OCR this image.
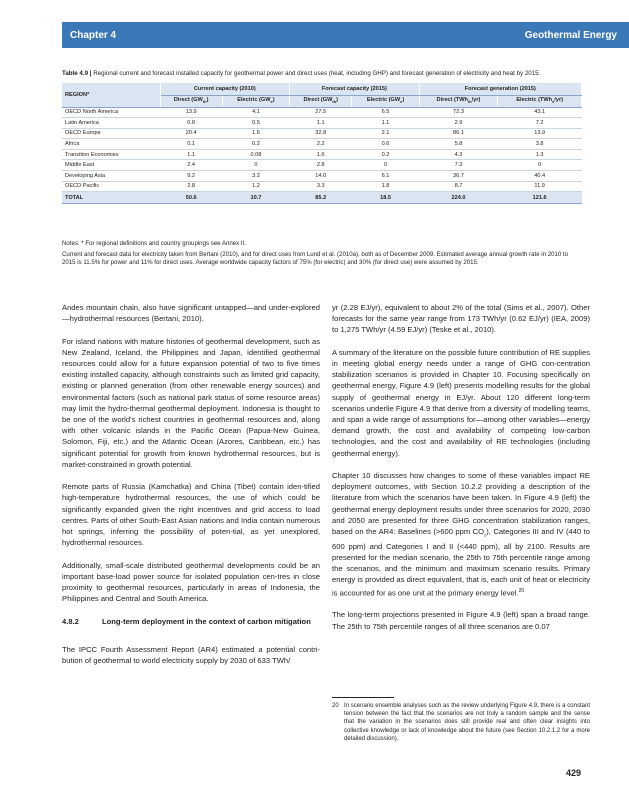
Chapter 4	Geothermal Energy
Table 4.9 | Regional current and forecast installed capacity for geothermal power and direct uses (heat, including GHP) and forecast generation of electricity and heat by 2015.
REGION*	Current capacity (2010)		Forecast capacity (2015)		Forecast generation (2015)	
	Direct $(GW_{th})$	Electric $(GW_e)$	Direct $(GW_{th})$	Electric $(GW_e)$	Direct (TWh$_{th}$/yr)	Electric (TWh$_e$/yr)
OECD North America	13.9	4.1	27.5	6.5	72.3	43.1
Latin America	0.8	0.5	1.1	1.1	2.9	7.2
OECD Europe	20.4	1.6	32.8	2.1	86.1	13.9
Africa	0.1	0.2	2.2	0.6	5.8	3.8
Transition Economies	1.1	0.08	1.6	0.2	4.3	1.3
Middle East	2.4	0	2.8	0	7.3	0
Developing Asia	9.2	3.2	14.0	6.1	36.7	40.4
OECD Pacific	2.8	1.2	3.3	1.8	8.7	11.9
TOTAL	50.6	10.7	85.2	18.5	224.0	121.6

Notes: * For regional definitions and country groupings see Annex II.

Current and forecast data for electricity taken from Bertani (2010), and for direct uses from Lund et al. (2010a), both as of December 2009. Estimated average annual growth rate in 2010 to 2015 is 11.5% for power and 11% for direct uses. Average worldwide capacity factors of 75% (for electric) and 30% (for direct use) were assumed by 2015.

Andes mountain chain, also have significant untapped—and under-explored—hydrothermal resources (Bertani, 2010).

For island nations with mature histories of geothermal development, such as New Zealand, Iceland, the Philippines and Japan, identified geothermal resources could allow for a future expansion potential of two to five times existing installed capacity, although constraints such as limited grid capacity, existing or planned generation (from other renewable energy sources) and environmental factors (such as national park status of some resource areas) may limit the hydro-thermal geothermal deployment. Indonesia is thought to be one of the world’s richest countries in geothermal resources and, along with other volcanic islands in the Pacific Ocean (Papua-New Guinea, Solomon, Fiji, etc.) and the Atlantic Ocean (Azores, Caribbean, etc.) has significant potential for growth from known hydrothermal resources, but is market-constrained in growth potential.

Remote parts of Russia (Kamchatka) and China (Tibet) contain iden-tified high-temperature hydrothermal resources, the use of which could be significantly expanded given the right incentives and grid access to load centres. Parts of other South-East Asian nations and India contain numerous hot springs, inferring the possibility of poten-tial, as yet unexplored, hydrothermal resources.

Additionally, small-scale distributed geothermal developments could be an important base-load power source for isolated population cen-tres in close proximity to geothermal resources, particularly in areas of Indonesia, the Philippines and Central and South America.

4.8.2	Long-term deployment in the context of carbon mitigation

The IPCC Fourth Assessment Report (AR4) estimated a potential contri-bution of geothermal to world electricity supply by 2030 of 633 TWh/

yr (2.28 EJ/yr), equivalent to about 2% of the total (Sims et al., 2007). Other forecasts for the same year range from 173 TWh/yr (0.62 EJ/yr) (IEA, 2009) to 1,275 TWh/yr (4.59 EJ/yr) (Teske et al., 2010).

A summary of the literature on the possible future contribution of RE supplies in meeting global energy needs under a range of GHG con-centration stabilization scenarios is provided in Chapter 10. Focusing specifically on geothermal energy, Figure 4.9 (left) presents modelling results for the global supply of geothermal energy in EJ/yr. About 120 different long-term scenarios underlie Figure 4.9 that derive from a diversity of modelling teams, and span a wide range of assumptions for—among other variables—energy demand growth, the cost and availability of competing low-carbon technologies, and the cost and availability of RE technologies (including geothermal energy).

Chapter 10 discusses how changes to some of these variables impact RE deployment outcomes, with Section 10.2.2 providing a description of the literature from which the scenarios have been taken. In Figure 4.9 (left) the geothermal energy deployment results under three scenarios for 2020, 2030 and 2050 are presented for three GHG concentration stabilization ranges, based on the AR4: Baselines (>600 ppm $CO_2$), Categories III and IV (440 to 600 ppm) and Categories I and II (<440 ppm), all by 2100. Results are presented for the median scenario, the 25th to 75th percentile range among the scenarios, and the minimum and maximum scenario results. Primary energy is provided as direct equivalent, that is, each unit of heat or electricity is accounted for as one unit at the primary energy level.$^{20}$

The long-term projections presented in Figure 4.9 (left) span a broad range. The 25th to 75th percentile ranges of all three scenarios are 0.07

20 In scenario ensemble analyses such as the review underlying Figure 4.9, there is a constant tension between the fact that the scenarios are not truly a random sample and the sense that the variation in the scenarios does still provide real and often clear insights into collective knowledge or lack of knowledge about the future (see Section 10.2.1.2 for a more detailed discussion).
429
